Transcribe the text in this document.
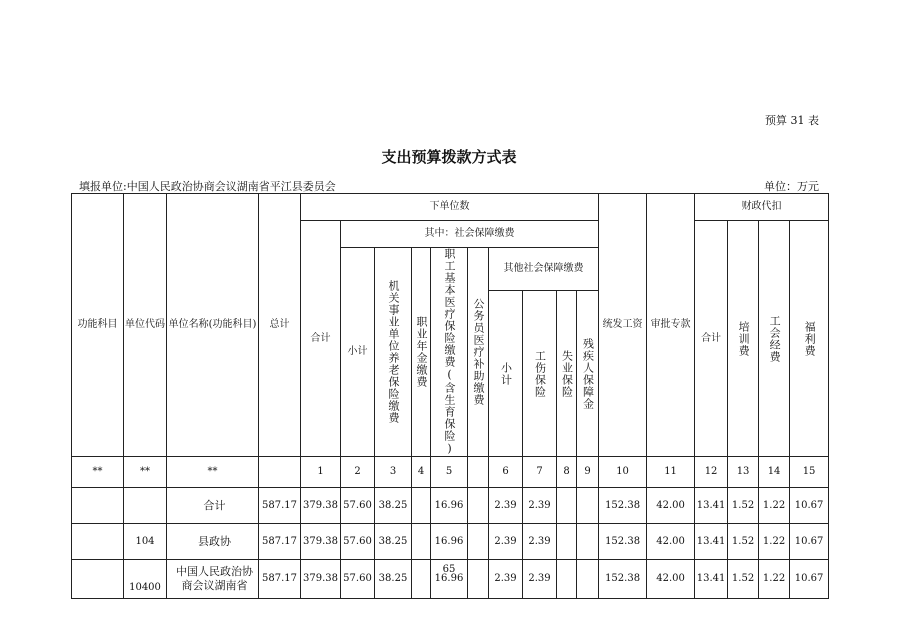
预算 31 表
支出预算拨款方式表
填报单位:中国人民政治协商会议湖南省平江县委员会	单位：万元
功能科目	单位代码	单位名称(功能科目)	总计	下单位数										统发工资	审批专款	财政代扣			
				合计	其中：社会保障缴费											合计	培训费	工会经费	福利费

					小计	机关事业单位养老保险缴费	职业年金缴费	职工基本医疗保险缴费(含生育保险)	公务员医疗补助缴费	其他社会保障缴费									

										小计	工伤保险	失业保险	残疾人保障金						

**	**	**		1	2	3	4	5		6	7	8	9	10	11	12	13	14	15
		合计	587.17	379.38	57.60	38.25		16.96		2.39	2.39			152.38	42.00	13.41	1.52	1.22	10.67
	104	县政协	587.17	379.38	57.60	38.25		16.96		2.39	2.39			152.38	42.00	13.41	1.52	1.22	10.67
	10400	中国人民政治协商会议湖南省	587.17	379.38	57.60	38.25		16.96		2.39	2.39			152.38	42.00	13.41	1.52	1.22	10.67
65
